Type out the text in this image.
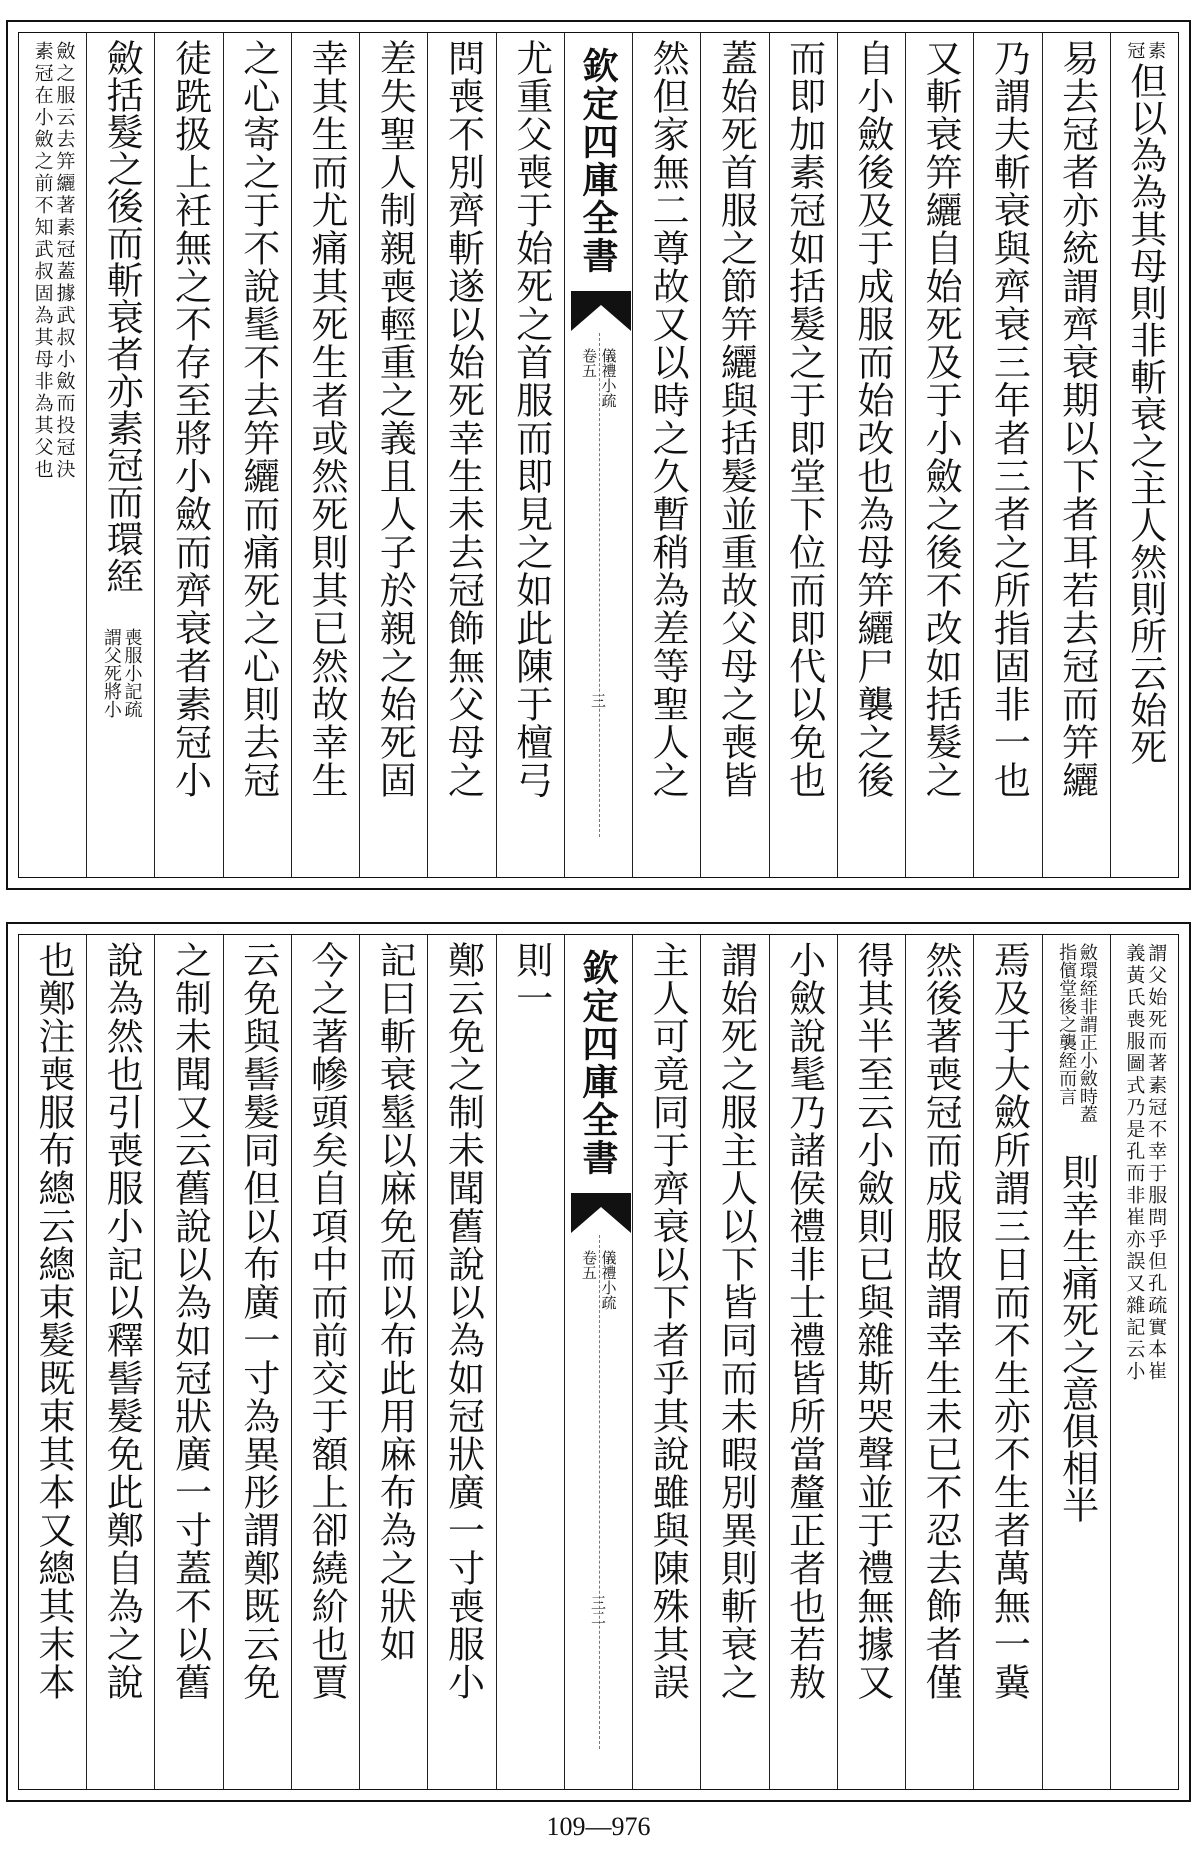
素
冠
但以為為其母則非斬衰之主人然則所云始死
易去冠者亦統謂齊衰期以下者耳若去冠而笄纚
乃謂夫斬衰與齊衰三年者三者之所指固非一也
又斬衰笄纚自始死及于小斂之後不改如括髮之
自小斂後及于成服而始改也為母笄纚尸襲之後
而即加素冠如括髮之于即堂下位而即代以免也
蓋始死首服之節笄纚與括髮並重故父母之喪皆
然但家無二尊故又以時之久暫稍為差等聖人之
欽定四庫全書
儀禮小疏
卷五
三
尤重父喪于始死之首服而即見之如此陳于檀弓
問喪不別齊斬遂以始死幸生未去冠飾無父母之
差失聖人制親喪輕重之義且人子於親之始死固
幸其生而尤痛其死生者或然死則其已然故幸生
之心寄之于不說髦不去笄纚而痛死之心則去冠
徒跣扱上衽無之不存至將小斂而齊衰者素冠小
斂括髮之後而斬衰者亦素冠而環絰
喪服小記疏
謂父死將小
斂之服云去笄纚著素冠蓋據武叔小斂而投冠決
素冠在小斂之前不知武叔固為其母非為其父也
謂父始死而著素冠不幸于服問乎但孔疏實本崔
義黃氏喪服圖式乃是孔而非崔亦誤又雜記云小
斂環絰非謂正小斂時蓋
指儐堂後之襲絰而言
則幸生痛死之意俱相半
焉及于大斂所謂三日而不生亦不生者萬無一冀
然後著喪冠而成服故謂幸生未已不忍去飾者僅
得其半至云小斂則已與雜斯哭聲並于禮無據又
小斂說髦乃諸侯禮非士禮皆所當釐正者也若敖
謂始死之服主人以下皆同而未暇別異則斬衰之
主人可竟同于齊衰以下者乎其說雖與陳殊其誤
欽定四庫全書
儀禮小疏
卷五
三二
則一
鄭云免之制未聞舊說以為如冠狀廣一寸喪服小
記曰斬衰髽以麻免而以布此用麻布為之狀如
今之著幓頭矣自項中而前交于額上卻繞紒也賈
云免與髻髮同但以布廣一寸為異彤謂鄭既云免
之制未聞又云舊說以為如冠狀廣一寸蓋不以舊
說為然也引喪服小記以釋髻髮免此鄭自為之說
也鄭注喪服布總云總束髮既束其本又總其末本
109—976
